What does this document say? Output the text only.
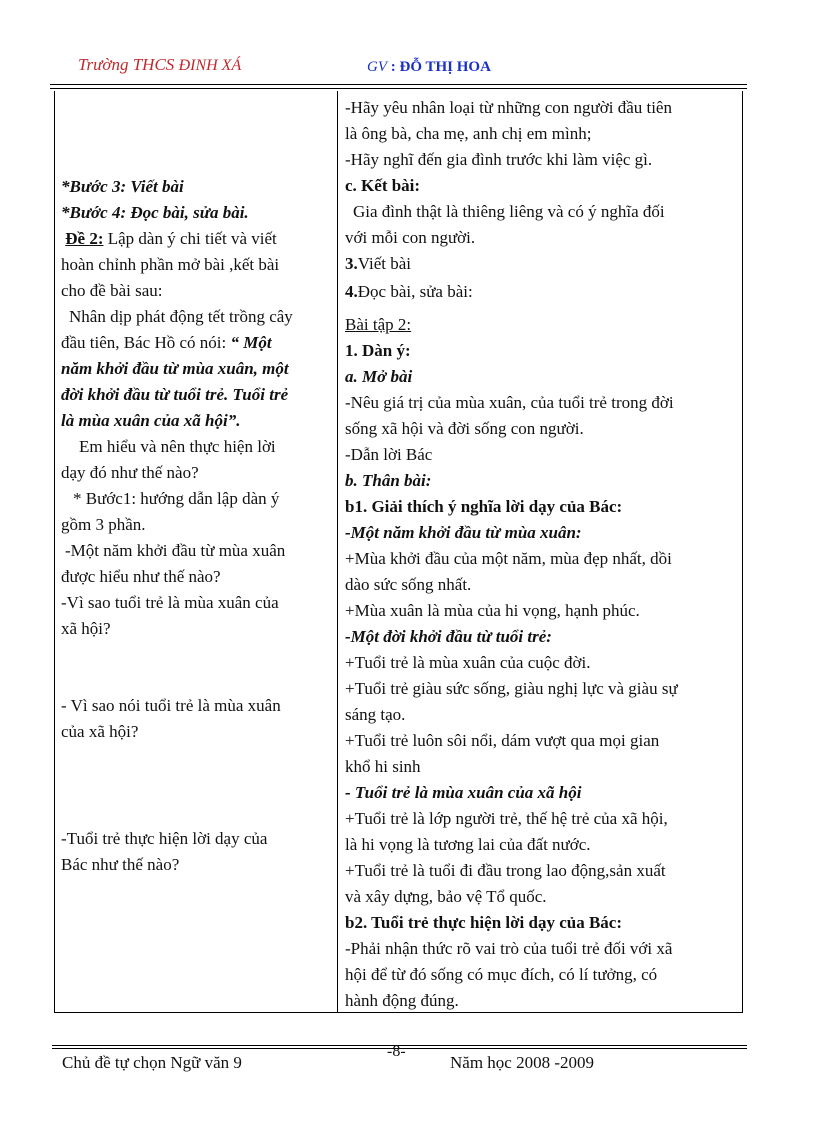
Trường THCS ĐINH XÁ	GV : ĐỖ THỊ HOA
*Bước 3: Viết bài
*Bước 4: Đọc bài, sửa bài.
Đề 2: Lập dàn ý chi tiết và viết
hoàn chỉnh phần mở bài ,kết bài
cho đề bài sau:
Nhân dịp phát động tết trồng cây
đầu tiên, Bác Hồ có nói: “ Một
năm khởi đầu từ mùa xuân, một
đời khởi đầu từ tuổi trẻ. Tuổi trẻ
là mùa xuân của xã hội”.
Em hiểu và nên thực hiện lời
dạy đó như thế nào?
* Bước1: hướng dẫn lập dàn ý
gồm 3 phần.
-Một năm khởi đầu từ mùa xuân
được hiểu như thế nào?
-Vì sao tuổi trẻ là mùa xuân của
xã hội?
- Vì sao nói tuổi trẻ là mùa xuân
của xã hội?
-Tuổi trẻ thực hiện lời dạy của
Bác như thế nào?
-Hãy yêu nhân loại từ những con người đầu tiên
là ông bà, cha mẹ, anh chị em mình;
-Hãy nghĩ đến gia đình trước khi làm việc gì.
c. Kết bài:
Gia đình thật là thiêng liêng và có ý nghĩa đối
với mỗi con người.
3.Viết bài
4.Đọc bài, sửa bài:
Bài tập 2:
1. Dàn ý:
a. Mở bài
-Nêu giá trị của mùa xuân, của tuổi trẻ trong đời
sống xã hội và đời sống con người.
-Dẫn lời Bác
b. Thân bài:
b1. Giải thích ý nghĩa lời dạy của Bác:
-Một năm khởi đầu từ mùa xuân:
+Mùa khởi đầu của một năm, mùa đẹp nhất, dồi
dào sức sống nhất.
+Mùa xuân là mùa của hi vọng, hạnh phúc.
-Một đời khởi đầu từ tuổi trẻ:
+Tuổi trẻ là mùa xuân của cuộc đời.
+Tuổi trẻ giàu sức sống, giàu nghị lực và giàu sự
sáng tạo.
+Tuổi trẻ luôn sôi nổi, dám vượt qua mọi gian
khổ hi sinh
- Tuổi trẻ là mùa xuân của xã hội
+Tuổi trẻ là lớp người trẻ, thế hệ trẻ của xã hội,
là hi vọng là tương lai của đất nước.
+Tuổi trẻ là tuổi đi đầu trong lao động,sản xuất
và xây dựng, bảo vệ Tổ quốc.
b2. Tuổi trẻ thực hiện lời dạy của Bác:
-Phải nhận thức rõ vai trò của tuổi trẻ đối với xã
hội để từ đó sống có mục đích, có lí tưởng, có
hành động đúng.
Chủ đề tự chọn Ngữ văn 9
-8-
Năm học 2008 -2009
